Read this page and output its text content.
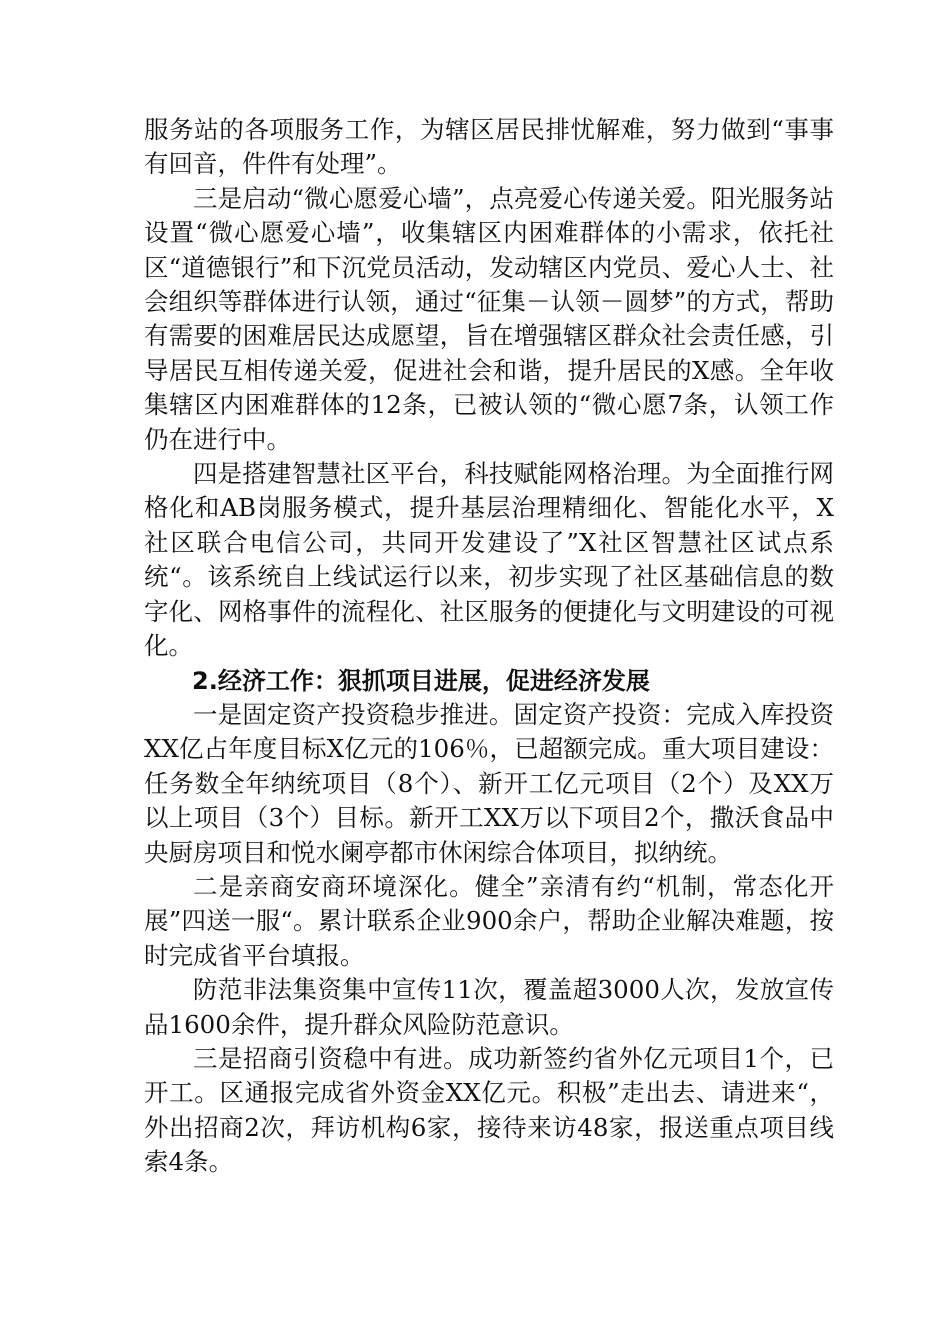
服务站的各项服务工作，为辖区居民排忧解难，努力做到“事事有回音，件件有处理”。

三是启动“微心愿爱心墙”，点亮爱心传递关爱。阳光服务站设置“微心愿爱心墙”，收集辖区内困难群体的小需求，依托社区“道德银行”和下沉党员活动，发动辖区内党员、爱心人士、社会组织等群体进行认领，通过“征集－认领－圆梦”的方式，帮助有需要的困难居民达成愿望，旨在增强辖区群众社会责任感，引导居民互相传递关爱，促进社会和谐，提升居民的X感。全年收集辖区内困难群体的12条，已被认领的“微心愿7条，认领工作仍在进行中。

四是搭建智慧社区平台，科技赋能网格治理。为全面推行网格化和AB岗服务模式，提升基层治理精细化、智能化水平，X社区联合电信公司，共同开发建设了”X社区智慧社区试点系统“。该系统自上线试运行以来，初步实现了社区基础信息的数字化、网格事件的流程化、社区服务的便捷化与文明建设的可视化。

2.经济工作：狠抓项目进展，促进经济发展

一是固定资产投资稳步推进。固定资产投资：完成入库投资XX亿占年度目标X亿元的106％，已超额完成。重大项目建设：任务数全年纳统项目（8个）、新开工亿元项目（2个）及XX万以上项目（3个）目标。新开工XX万以下项目2个，撒沃食品中央厨房项目和悦水阑亭都市休闲综合体项目，拟纳统。

二是亲商安商环境深化。健全”亲清有约“机制，常态化开展”四送一服“。累计联系企业900余户，帮助企业解决难题，按时完成省平台填报。

防范非法集资集中宣传11次，覆盖超3000人次，发放宣传品1600余件，提升群众风险防范意识。

三是招商引资稳中有进。成功新签约省外亿元项目1个，已开工。区通报完成省外资金XX亿元。积极”走出去、请进来“，外出招商2次，拜访机构6家，接待来访48家，报送重点项目线索4条。
